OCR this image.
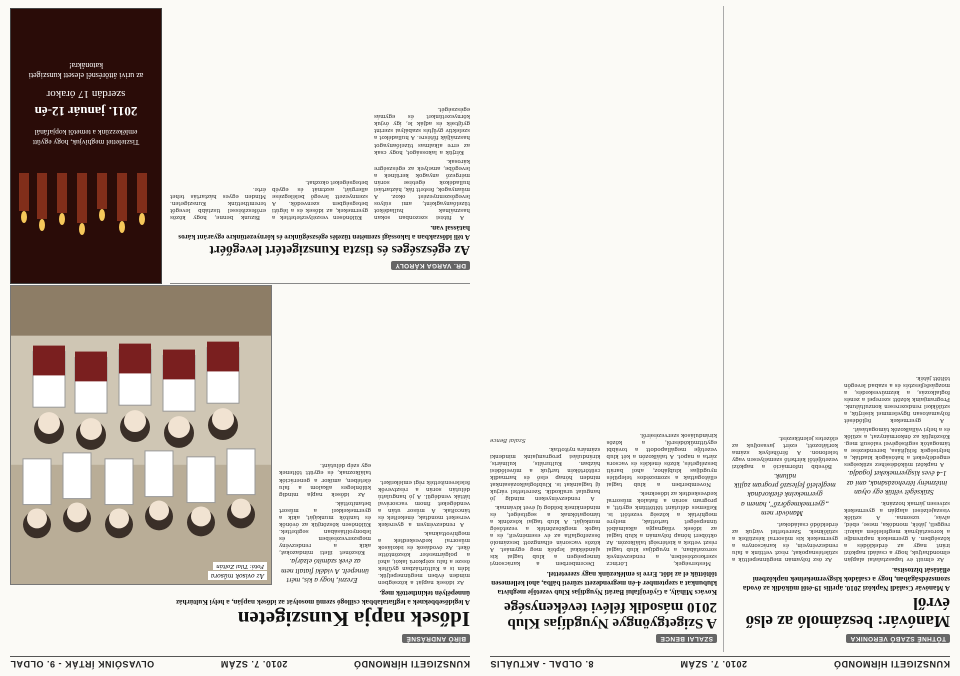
KUNSZIGETI HÍRMONDÓ
2010. 7. SZÁM
8. OLDAL - AKTUÁLIS
TÓTHNÉ SZABÓ VERONIKA
Manóvár: beszámoló az első évről

A Manóvár Családi Napközi 2010. április 19-étől működik az óvoda szomszédságában, hogy a családok kisgyermekeinek napközbeni ellátását biztosítsa.

Az elmúlt év tapasztalatai alapján elmondhatjuk, hogy a családi napközi iránt nagy az érdeklődés a községben. A gyermekek napirendje a korosztálynak megfelelően alakul: reggeli, játék, mondóka, mese, ebéd, alvás, uzsonna. A szülők visszajelzései alapján a gyermekek szívesen járnak hozzánk.

Szükségét véltük egy olyan intézmény létrehozásának, ami az 1-4 éves kisgyermekeket fogadja.

A napközi működéséhez szükséges engedélyeket a hatóságok kiadták, a helyiségek felújítása, berendezése a támogatók segítségével valósult meg. Köszönjük az önkormányzat, a szülők és a helyi vállalkozók támogatását.

A gyermekek fejlődését folyamatosan figyelemmel kísérjük, a szülőkkel rendszeresen konzultálunk. Programjaink között szerepel a zenés foglalkozás, a kézműveskedés, a mozgásfejlesztés és a szabad levegőn töltött játék.

Az ősz folyamán megünnepeltük a születésnapokat, részt vettünk a falu rendezvényein, és karácsonyra a gyermekek kis műsorral készültek a szülőknek. Szeretettel várjuk az érdeklődő családokat.

Manóvár nem „gyermekmegőrző", hanem a gyermekeink életkorának megfelelő fejlesztő program zajlik nálunk.

Bővebb információ a napközi vezetőjétől kérhető személyesen vagy telefonon. A férőhelyek száma korlátozott, ezért javasoljuk az előzetes jelentkezést.

SZALAI BENCE
A Szigetgyöngye Nyugdíjas Klub 2010 második félévi tevékenysége

Kovács Mihály, a Győrújfalui Baráti Nyugdíjas Klub vezetője meghívta klubunkat a szeptember 4-én megrendezett szüreti bálba, ahol kellemesen töltöttük el az időt. Erre is emlékezünk nagy szeretettel.

Mesterségek, Lőrincz szerkesztésében, a rendezvények sorozatában, a nyugdíjas klub tagjai részt vettek a kistérségi találkozón. Az októberi hónap folyamán a klub tagjai az idősek világnapja alkalmából ünnepséget tartottak, melyre meghívták a község vezetőit is. Kellemes délutánt töltöttünk együtt, a program során a fiatalok műsorral kedveskedtek az időseknek.

Novemberben a klub tagjai ellátogattak a szomszédos település nyugdíjas klubjához, ahol baráti beszélgetés, közös éneklés és vacsora zárta a napot. A találkozón a két klub vezetője megállapodott a további együttműködésről, a közös kirándulások szervezéséről.

Decemberben a karácsonyi ünnepségen a klub tagjai kis ajándékkal lepték meg egymást. A közös vacsorán elhangzott beszámoló összefoglalta az év eseményeit, és a tagok megköszönték a vezetőség munkáját. A klub tagjai köszönik a támogatóknak a segítséget, és mindenkinek boldog új évet kívánnak.

A rendezvényeken mindig jó hangulat uralkodik. Szeretettel várjuk új tagjainkat is. Klubfoglalkozásainkat minden hónap első és harmadik csütörtökén tartjuk a művelődési házban. Kulturális, kulináris, kirándulási programjaink mindenki számára nyitottak.

Szalai Bence
KUNSZIGETI HÍRMONDÓ
2010. 7. SZÁM
OLVASÓINK ÍRTÁK - 9. OLDAL
BÍRÓ ANDRÁSNÉ
Idősek napja Kunszigeten

A legidősebbeknek a legfiatalabbak csillogó szemű mosolyát az idősek napján, a helyi Kultúrház ünnepélyén tekinthették meg.

Az idősek napját a községben minden évben megünnepeljük. Idén is a Kultúrházban gyűltek össze a falu szépkorú lakói, ahol a polgármester köszöntötte őket. Az óvodások és iskolások műsorral kedveskedtek a meghívottaknak.

A rendezvényen a gyerekek verseket mondtak, énekeltek és táncoltak. A műsor után a vendégeket finom vacsorával látták vendégül. A jó hangulatú délután során a résztvevők felelevenítették régi emlékeiket.

Erezni, hogy a kis, mért ünnepelt. A vidéki fiatalt nem az évek számító elzárja.

Köszönet illeti mindazokat, akik a rendezvény megszervezésében és lebonyolításában segítettek. Különösen köszönjük az óvónők és tanítók munkáját, akik a gyermekekkel a műsort betanították.

Az idősek napja mindig különleges alkalom a falu életében, amikor a generációk találkoznak, és együtt töltenek egy szép délutánt.

Az ovisok műsora
Fotó: Tilai Zoltán
DR. VARGA KÁROLY
Az egészséges és tiszta Kunszigetért levegőért

A téli időszakban a lakossági szeméten tüzelés egészségünkre és környezetünkre egyaránt káros hatással van.

A fűtési szezonban sokan használnak hulladékot tüzelőanyagként, ami súlyos levegőszennyezést okoz. A műanyagok, festett fák, háztartási hulladékok égetése során mérgező anyagok kerülnek a levegőbe, amelyek az egészségre károsak.

Kérjük a lakosságot, hogy csak az erre alkalmas tüzelőanyagot használják fűtésre. A hulladékot a szelektív gyűjtés szabályai szerint gyűjtsék és adják le, így óvjuk környezetünket és egymás egészségét.

Különösen veszélyeztetettek a gyermekek, az idősek és a légúti betegségben szenvedők. A szennyezett levegő belélegzése allergiát, asztmát és egyéb betegségeket okozhat.

Bízunk benne, hogy közös erőfeszítéssel tisztább levegőt teremthetünk Kunszigeten. Minden egyes háztartás tehet érte.

Tisztelettel meghívjuk, hogy együtt emlékezzünk a temetői kopjafánál
2011. január 12-én
szerdán 17 órakor
az urivi áttörésnél elesett kunszigeti katonákra!
